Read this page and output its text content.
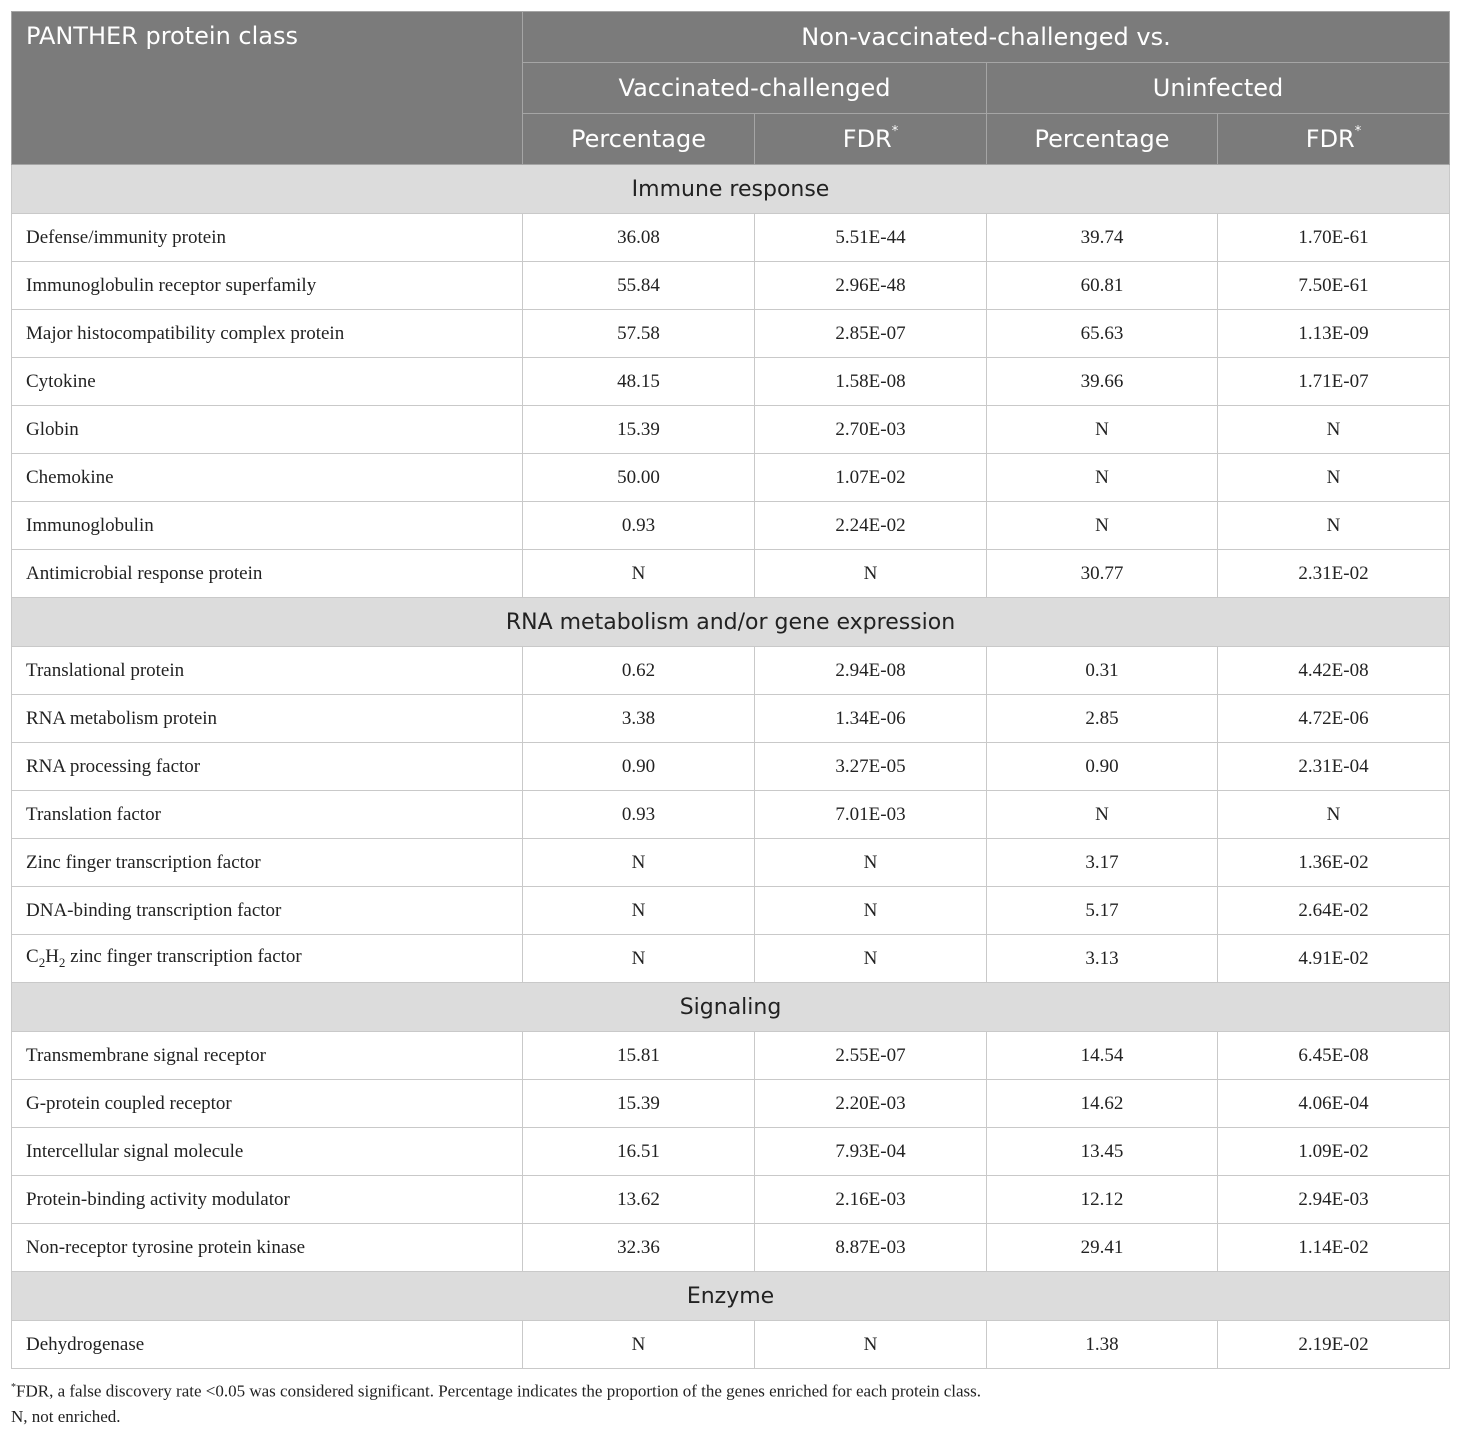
PANTHER protein class	Non-vaccinated-challenged vs.			
	Vaccinated-challenged		Uninfected	
	Percentage	FDR*	Percentage	FDR*
Immune response				
Defense/immunity protein	36.08	5.51E-44	39.74	1.70E-61
Immunoglobulin receptor superfamily	55.84	2.96E-48	60.81	7.50E-61
Major histocompatibility complex protein	57.58	2.85E-07	65.63	1.13E-09
Cytokine	48.15	1.58E-08	39.66	1.71E-07
Globin	15.39	2.70E-03	N	N
Chemokine	50.00	1.07E-02	N	N
Immunoglobulin	0.93	2.24E-02	N	N
Antimicrobial response protein	N	N	30.77	2.31E-02
RNA metabolism and/or gene expression				
Translational protein	0.62	2.94E-08	0.31	4.42E-08
RNA metabolism protein	3.38	1.34E-06	2.85	4.72E-06
RNA processing factor	0.90	3.27E-05	0.90	2.31E-04
Translation factor	0.93	7.01E-03	N	N
Zinc finger transcription factor	N	N	3.17	1.36E-02
DNA-binding transcription factor	N	N	5.17	2.64E-02
$C_2H_2$ zinc finger transcription factor	N	N	3.13	4.91E-02
Signaling				
Transmembrane signal receptor	15.81	2.55E-07	14.54	6.45E-08
G-protein coupled receptor	15.39	2.20E-03	14.62	4.06E-04
Intercellular signal molecule	16.51	7.93E-04	13.45	1.09E-02
Protein-binding activity modulator	13.62	2.16E-03	12.12	2.94E-03
Non-receptor tyrosine protein kinase	32.36	8.87E-03	29.41	1.14E-02
Enzyme				
Dehydrogenase	N	N	1.38	2.19E-02
*FDR, a false discovery rate <0.05 was considered significant. Percentage indicates the proportion of the genes enriched for each protein class.
N, not enriched.
